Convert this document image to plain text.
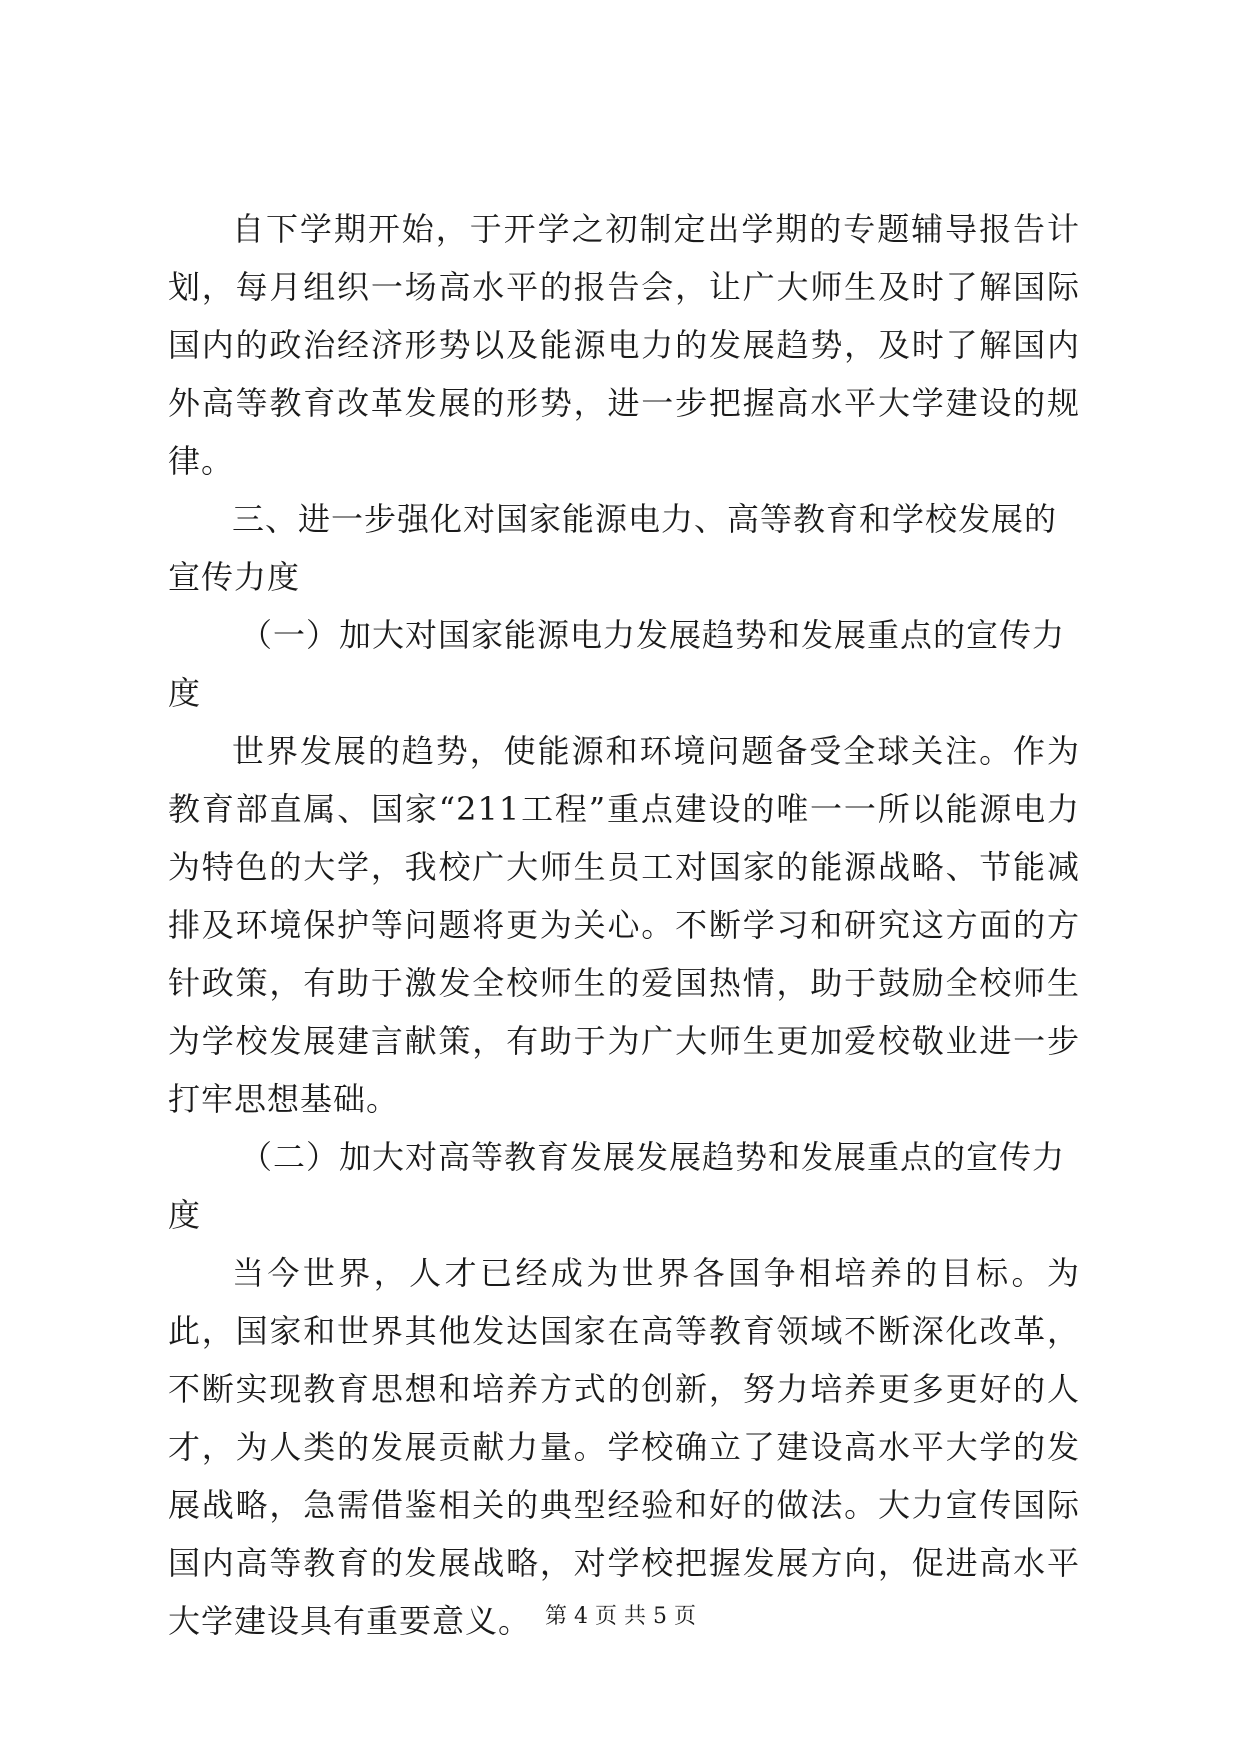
自下学期开始，于开学之初制定出学期的专题辅导报告计划，每月组织一场高水平的报告会，让广大师生及时了解国际国内的政治经济形势以及能源电力的发展趋势，及时了解国内外高等教育改革发展的形势，进一步把握高水平大学建设的规律。

三、进一步强化对国家能源电力、高等教育和学校发展的宣传力度

（一）加大对国家能源电力发展趋势和发展重点的宣传力度

世界发展的趋势，使能源和环境问题备受全球关注。作为教育部直属、国家“211工程”重点建设的唯一一所以能源电力为特色的大学，我校广大师生员工对国家的能源战略、节能减排及环境保护等问题将更为关心。不断学习和研究这方面的方针政策，有助于激发全校师生的爱国热情，助于鼓励全校师生为学校发展建言献策，有助于为广大师生更加爱校敬业进一步打牢思想基础。

（二）加大对高等教育发展发展趋势和发展重点的宣传力度

当今世界，人才已经成为世界各国争相培养的目标。为此，国家和世界其他发达国家在高等教育领域不断深化改革，不断实现教育思想和培养方式的创新，努力培养更多更好的人才，为人类的发展贡献力量。学校确立了建设高水平大学的发展战略，急需借鉴相关的典型经验和好的做法。大力宣传国际国内高等教育的发展战略，对学校把握发展方向，促进高水平大学建设具有重要意义。 第 4 页 共 5 页
